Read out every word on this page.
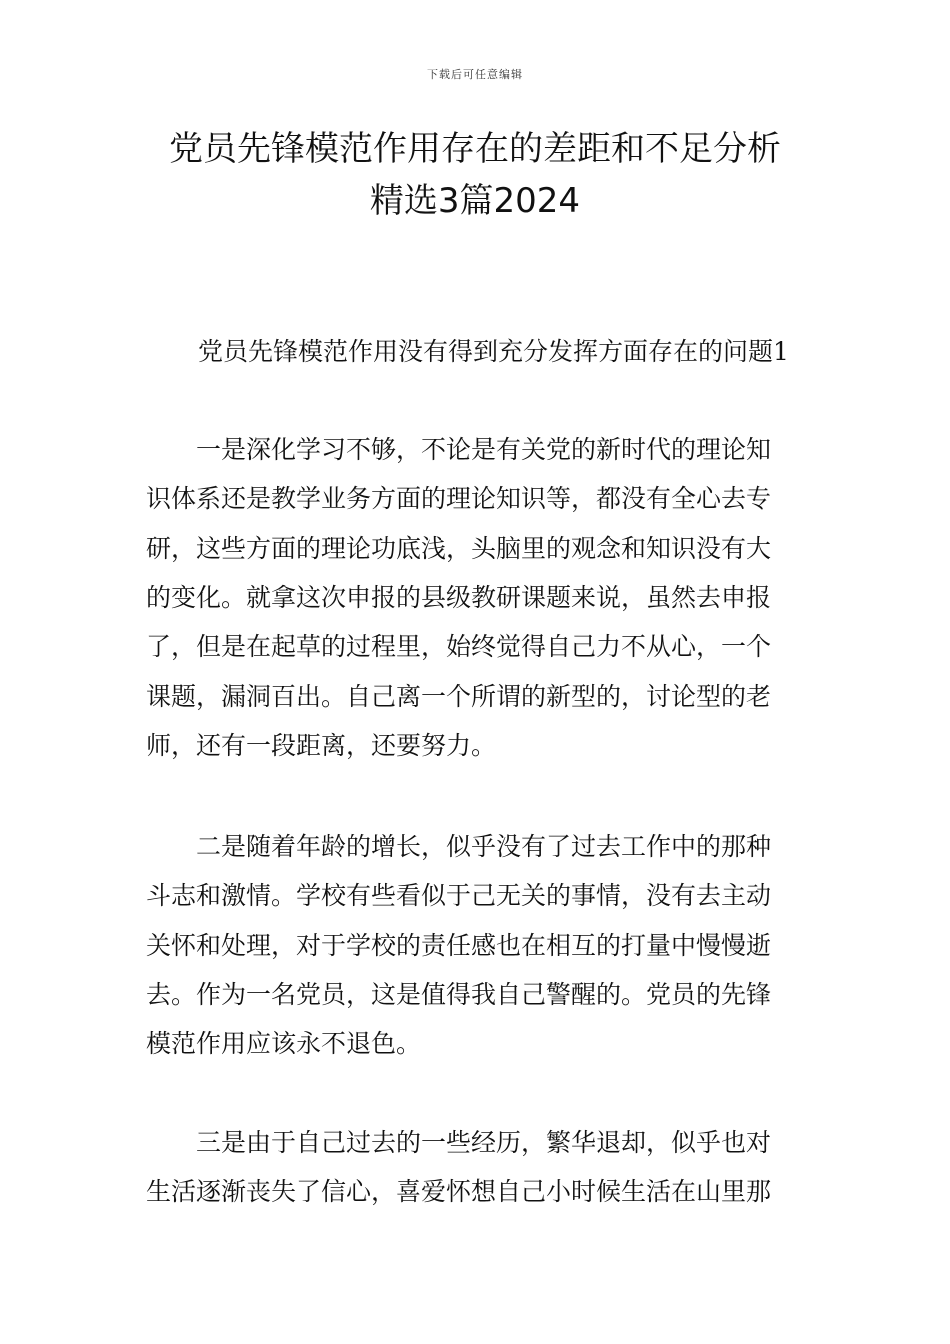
下载后可任意编辑
党员先锋模范作用存在的差距和不足分析
精选3篇2024
党员先锋模范作用没有得到充分发挥方面存在的问题1
　　一是深化学习不够，不论是有关党的新时代的理论知
识体系还是教学业务方面的理论知识等，都没有全心去专
研，这些方面的理论功底浅，头脑里的观念和知识没有大
的变化。就拿这次申报的县级教研课题来说，虽然去申报
了，但是在起草的过程里，始终觉得自己力不从心，一个
课题，漏洞百出。自己离一个所谓的新型的，讨论型的老
师，还有一段距离，还要努力。
　　二是随着年龄的增长，似乎没有了过去工作中的那种
斗志和激情。学校有些看似于己无关的事情，没有去主动
关怀和处理，对于学校的责任感也在相互的打量中慢慢逝
去。作为一名党员，这是值得我自己警醒的。党员的先锋
模范作用应该永不退色。
　　三是由于自己过去的一些经历，繁华退却，似乎也对
生活逐渐丧失了信心，喜爱怀想自己小时候生活在山里那
